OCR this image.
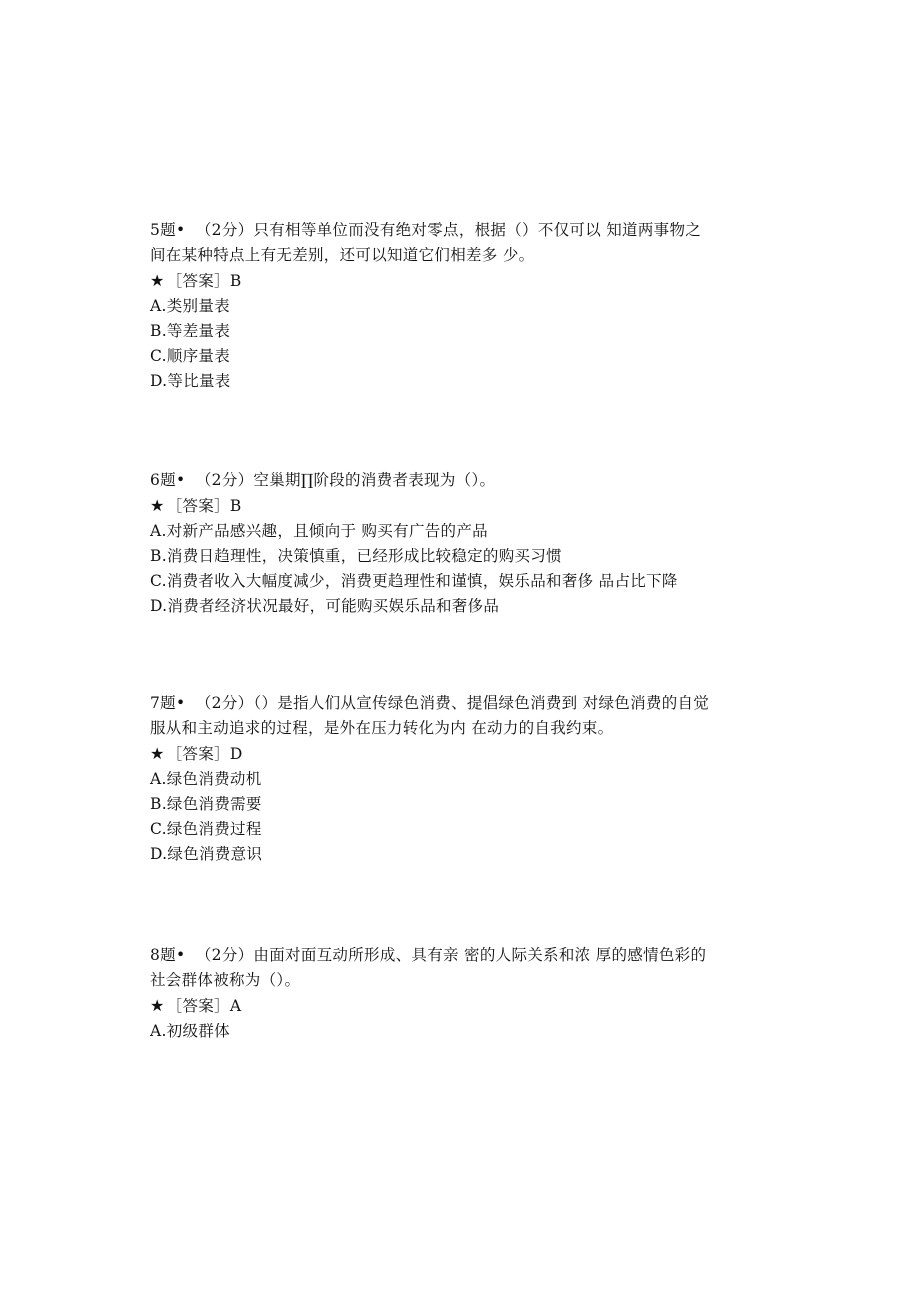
5题•  （2分）只有相等单位而没有绝对零点，根据（）不仅可以 知道两事物之间在某种特点上有无差别，还可以知道它们相差多 少。
★ ［答案］B
A.类别量表
B.等差量表
C.顺序量表
D.等比量表
6题•  （2分）空巢期∏阶段的消费者表现为（）。
★ ［答案］B
A.对新产品感兴趣，且倾向于 购买有广告的产品
B.消费日趋理性，决策慎重，已经形成比较稳定的购买习惯
C.消费者收入大幅度减少，消费更趋理性和谨慎，娱乐品和奢侈 品占比下降
D.消费者经济状况最好，可能购买娱乐品和奢侈品
7题•  （2分）（）是指人们从宣传绿色消费、提倡绿色消费到 对绿色消费的自觉服从和主动追求的过程，是外在压力转化为内 在动力的自我约束。
★ ［答案］D
A.绿色消费动机
B.绿色消费需要
C.绿色消费过程
D.绿色消费意识
8题•  （2分）由面对面互动所形成、具有亲 密的人际关系和浓 厚的感情色彩的社会群体被称为（）。
★ ［答案］A
A.初级群体
